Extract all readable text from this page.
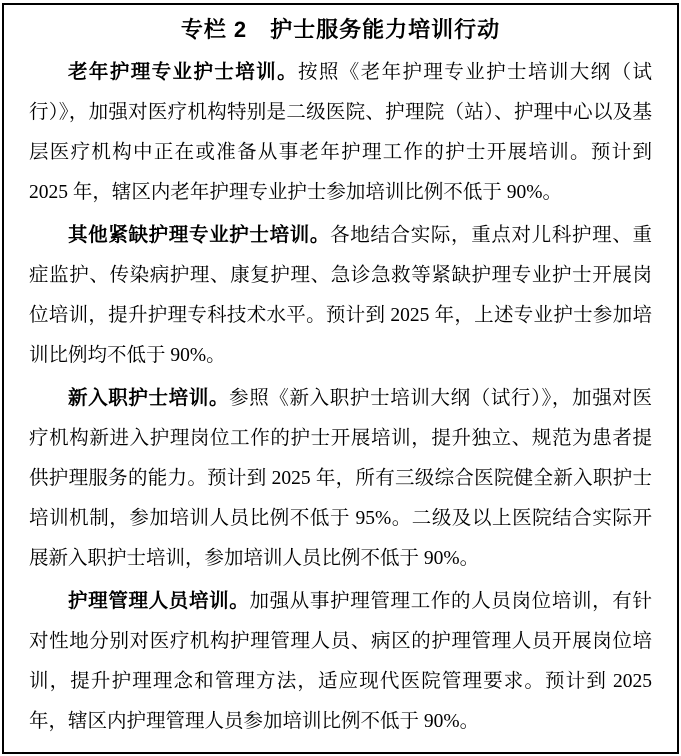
专栏 2　护士服务能力培训行动

老年护理专业护士培训。按照《老年护理专业护士培训大纲（试行）》，加强对医疗机构特别是二级医院、护理院（站）、护理中心以及基层医疗机构中正在或准备从事老年护理工作的护士开展培训。预计到 2025 年，辖区内老年护理专业护士参加培训比例不低于 90%。

其他紧缺护理专业护士培训。各地结合实际，重点对儿科护理、重症监护、传染病护理、康复护理、急诊急救等紧缺护理专业护士开展岗位培训，提升护理专科技术水平。预计到 2025 年，上述专业护士参加培训比例均不低于 90%。

新入职护士培训。参照《新入职护士培训大纲（试行）》，加强对医疗机构新进入护理岗位工作的护士开展培训，提升独立、规范为患者提供护理服务的能力。预计到 2025 年，所有三级综合医院健全新入职护士培训机制，参加培训人员比例不低于 95%。二级及以上医院结合实际开展新入职护士培训，参加培训人员比例不低于 90%。

护理管理人员培训。加强从事护理管理工作的人员岗位培训，有针对性地分别对医疗机构护理管理人员、病区的护理管理人员开展岗位培训，提升护理理念和管理方法，适应现代医院管理要求。预计到 2025 年，辖区内护理管理人员参加培训比例不低于 90%。
